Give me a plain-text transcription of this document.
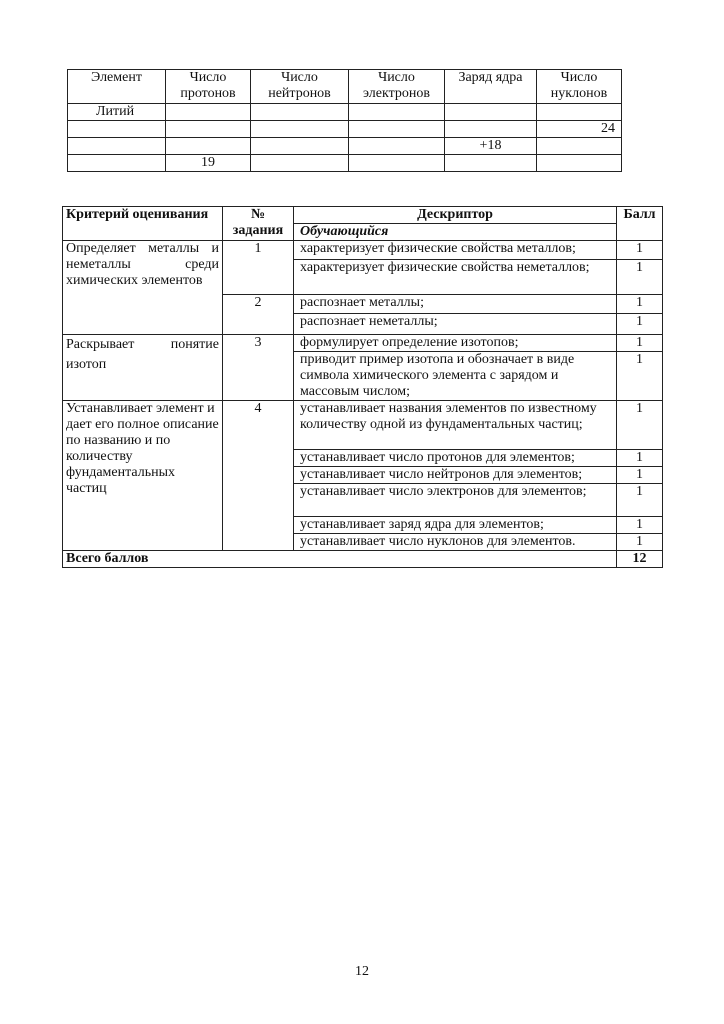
Элемент	Число протонов	Число нейтронов	Число электронов	Заряд ядра	Число нуклонов
Литий					
					24
				+18	
	19				
Критерий оценивания	№ задания	Дескриптор	Балл
		Обучающийся	
Определяет металлы и неметаллы среди химических элементов	1	характеризует физические свойства металлов;	1
		характеризует физические свойства неметаллов;	1
	2	распознает металлы;	1
		распознает неметаллы;	1

Раскрывает понятие изотоп	3	формулирует определение изотопов;	1
		приводит пример изотопа и обозначает в виде символа химического элемента с зарядом и массовым числом;	1
Устанавливает элемент и дает его полное описание по названию и по количеству фундаментальных частиц	4	устанавливает названия элементов по известному количеству одной из фундаментальных частиц;	1
		устанавливает число протонов для элементов;	1
		устанавливает число нейтронов для элементов;	1
		устанавливает число электронов для элементов;	1
		устанавливает заряд ядра для элементов;	1
		устанавливает число нуклонов для элементов.	1
Всего баллов			12
12
